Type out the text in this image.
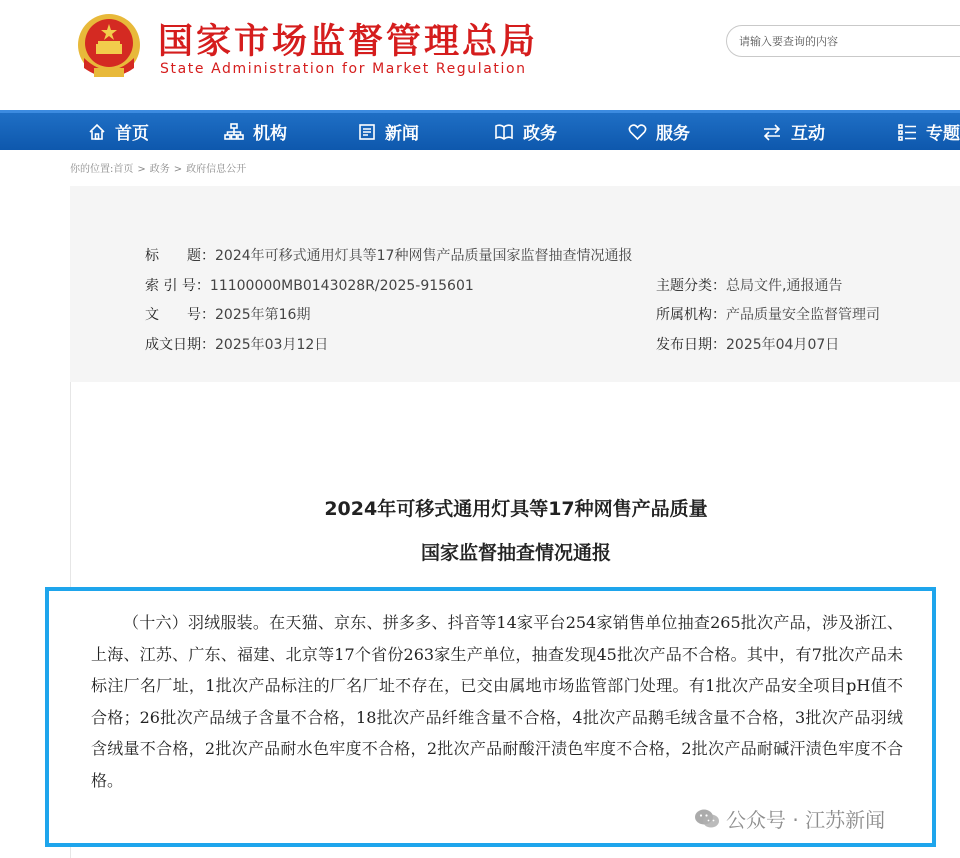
国家市场监督管理总局
State Administration for Market Regulation
请输入要查询的内容
首页	机构	新闻	政务	服务	互动	专题
你的位置:首页 > 政务 > 政府信息公开
标　　题：2024年可移式通用灯具等17种网售产品质量国家监督抽查情况通报
索 引 号：11100000MB0143028R/2025-915601
文　　号：2025年第16期
成文日期：2025年03月12日
主题分类：总局文件,通报通告
所属机构：产品质量安全监督管理司
发布日期：2025年04月07日
2024年可移式通用灯具等17种网售产品质量
国家监督抽查情况通报

（十六）羽绒服装。在天猫、京东、拼多多、抖音等14家平台254家销售单位抽查265批次产品，涉及浙江、上海、江苏、广东、福建、北京等17个省份263家生产单位，抽查发现45批次产品不合格。其中，有7批次产品未标注厂名厂址，1批次产品标注的厂名厂址不存在，已交由属地市场监管部门处理。有1批次产品安全项目pH值不合格；26批次产品绒子含量不合格，18批次产品纤维含量不合格，4批次产品鹅毛绒含量不合格，3批次产品羽绒含绒量不合格，2批次产品耐水色牢度不合格，2批次产品耐酸汗渍色牢度不合格，2批次产品耐碱汗渍色牢度不合格。

公众号 · 江苏新闻
